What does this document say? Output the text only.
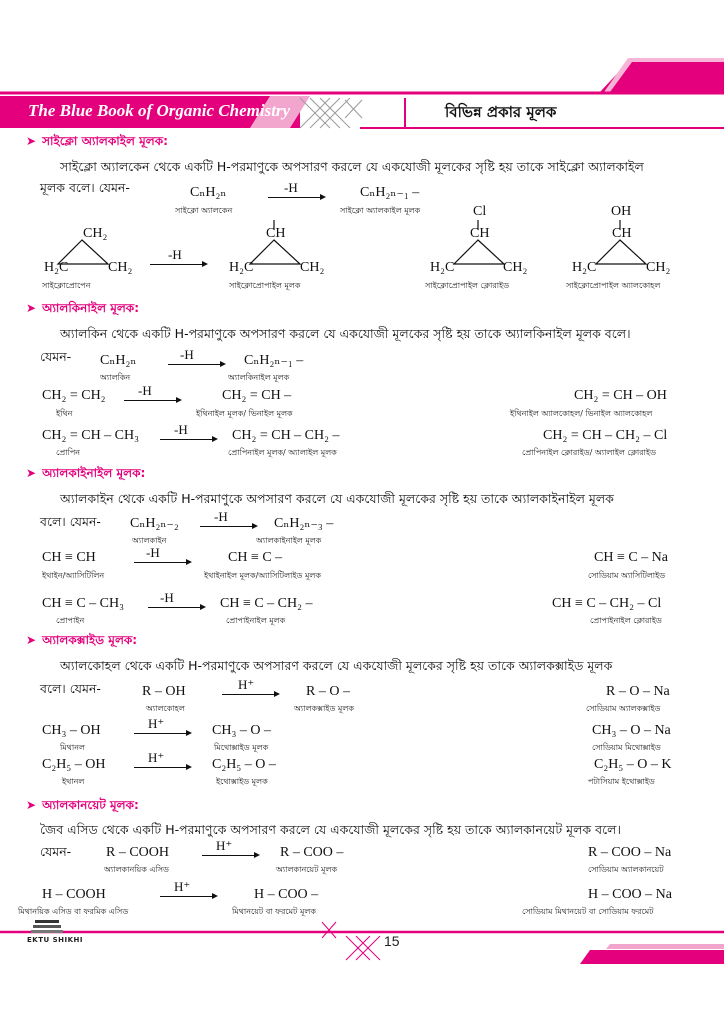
The Blue Book of Organic Chemistry	বিভিন্ন প্রকার মূলক
➤ সাইক্লো অ্যালকাইল মূলক:
সাইক্লো অ্যালকেন থেকে একটি H-পরমাণুকে অপসারণ করলে যে একযোজী মূলকের সৃষ্টি হয় তাকে সাইক্লো অ্যালকাইল
মূলক বলে। যেমন-	CₙH₂ₙ
সাইক্লো অ্যালকেন
-H	CₙH₂ₙ₋₁ –
সাইক্লো অ্যালকাইল মূলক
CH₂
H₂C	CH₂
সাইক্লোপ্রোপেন
-H
CH
H₂C	CH₂
সাইক্লোপ্রোপাইল মূলক
Cl
CH
H₂C	CH₂
সাইক্লোপ্রোপাইল ক্লোরাইড
OH
CH
H₂C	CH₂
সাইক্লোপ্রোপাইল অ্যালকোহল
➤ অ্যালকিনাইল মূলক:
অ্যালকিন থেকে একটি H-পরমাণুকে অপসারণ করলে যে একযোজী মূলকের সৃষ্টি হয় তাকে অ্যালকিনাইল মূলক বলে।
যেমন- CₙH₂ₙ
অ্যালকিন
-H → CₙH₂ₙ₋₁ –
অ্যালকিনাইল মূলক
CH₂ = CH₂
ইথিন
-H	CH₂ = CH –
ইথিনাইল মূলক/ ভিনাইল মূলক
CH₂ = CH – OH
ইথিনাইল অ্যালকোহল/ ভিনাইল অ্যালকোহল
CH₂ = CH – CH₃
প্রোপিন
-H → CH₂ = CH – CH₂ –
প্রোপিনাইল মূলক/ অ্যালাইল মূলক
CH₂ = CH – CH₂ – Cl
প্রোপিনাইল ক্লোরাইড/ অ্যালাইল ক্লোরাইড
➤ অ্যালকাইনাইল মূলক:
অ্যালকাইন থেকে একটি H-পরমাণুকে অপসারণ করলে যে একযোজী মূলকের সৃষ্টি হয় তাকে অ্যালকাইনাইল মূলক
বলে। যেমন- CₙH₂ₙ₋₂
অ্যালকাইন
-H → CₙH₂ₙ₋₃ –
অ্যালকাইনাইল মূলক
CH ≡ CH
ইথাইন/অ্যাসিটিলিন
-H	CH ≡ C –
ইথাইনাইল মূলক/অ্যাসিটিলাইড মূলক
CH ≡ C – Na
সোডিয়াম অ্যাসিটিলাইড
CH ≡ C – CH₃
প্রোপাইন
-H → CH ≡ C – CH₂ –
প্রোপাইনাইল মূলক
CH ≡ C – CH₂ – Cl
প্রোপাইনাইল ক্লোরাইড
➤ অ্যালকক্সাইড মূলক:
অ্যালকোহল থেকে একটি H-পরমাণুকে অপসারণ করলে যে একযোজী মূলকের সৃষ্টি হয় তাকে অ্যালকক্সাইড মূলক
বলে। যেমন-	R – OH
অ্যালকোহল
H⁺	R – O –
অ্যালকক্সাইড মূলক
R – O – Na
সোডিয়াম অ্যালকক্সাইড
CH₃ – OH
মিথানল
H⁺ → CH₃ – O –
মিথোক্সাইড মূলক
CH₃ – O – Na
সোডিয়াম মিথোক্সাইড
C₂H₅ – OH
ইথানল
H⁺ → C₂H₅ – O –
ইথোক্সাইড মূলক
C₂H₅ – O – K
পটাসিয়াম ইথোক্সাইড
➤ অ্যালকানয়েট মূলক:
জৈব এসিড থেকে একটি H-পরমাণুকে অপসারণ করলে যে একযোজী মূলকের সৃষ্টি হয় তাকে অ্যালকানয়েট মূলক বলে।
যেমন- R – COOH
অ্যালকানয়িক এসিড
H⁺ → R – COO –
অ্যালকানয়েট মূলক
R – COO – Na
সোডিয়াম অ্যালকানয়েট
H – COOH
মিথানয়িক এসিড বা ফরমিক এসিড
H⁺
H – COO –
মিথানয়েট বা ফরমেট মূলক
H – COO – Na
সোডিয়াম মিথানয়েট বা সোডিয়াম ফরমেট
EKTU SHIKHI	15
